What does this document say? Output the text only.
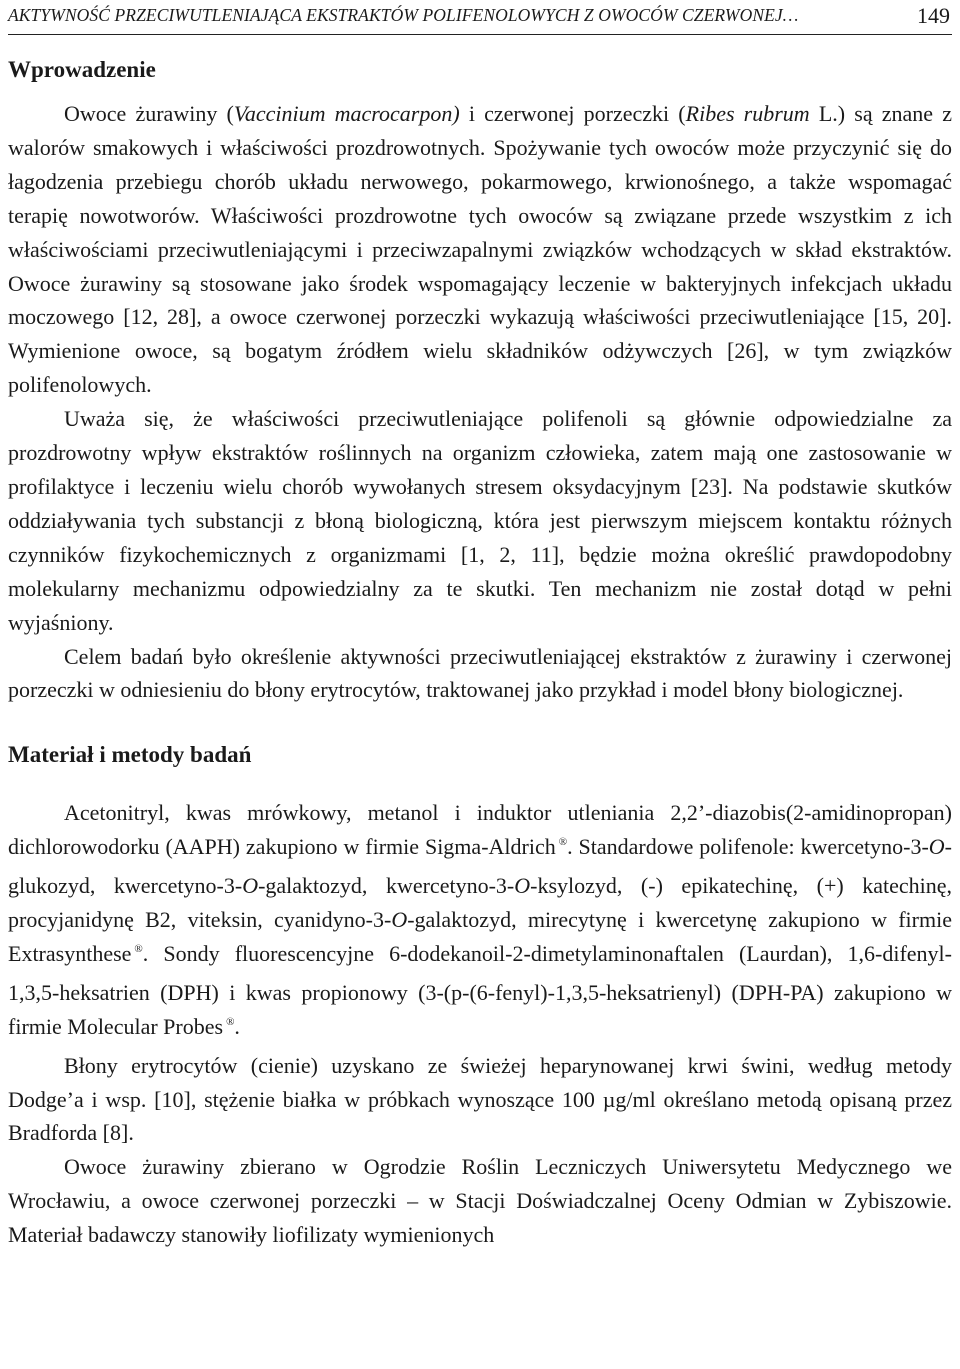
AKTYWNOŚĆ PRZECIWUTLENIAJĄCA EKSTRAKTÓW POLIFENOLOWYCH Z OWOCÓW CZERWONEJ…	149
Wprowadzenie

Owoce żurawiny (Vaccinium macrocarpon) i czerwonej porzeczki (Ribes rubrum L.) są znane z walorów smakowych i właściwości prozdrowotnych. Spożywanie tych owoców może przyczynić się do łagodzenia przebiegu chorób układu nerwowego, pokarmowego, krwionośnego, a także wspomagać terapię nowotworów. Właściwości prozdrowotne tych owoców są związane przede wszystkim z ich właściwościami przeciwutleniającymi i przeciwzapalnymi związków wchodzących w skład ekstraktów. Owoce żurawiny są stosowane jako środek wspomagający leczenie w bakteryjnych infekcjach układu moczowego [12, 28], a owoce czerwonej porzeczki wykazują właściwości przeciwutleniające [15, 20]. Wymienione owoce, są bogatym źródłem wielu składników odżywczych [26], w tym związków polifenolowych.

Uważa się, że właściwości przeciwutleniające polifenoli są głównie odpowiedzialne za prozdrowotny wpływ ekstraktów roślinnych na organizm człowieka, zatem mają one zastosowanie w profilaktyce i leczeniu wielu chorób wywołanych stresem oksydacyjnym [23]. Na podstawie skutków oddziaływania tych substancji z błoną biologiczną, która jest pierwszym miejscem kontaktu różnych czynników fizykochemicznych z organizmami [1, 2, 11], będzie można określić prawdopodobny molekularny mechanizmu odpowiedzialny za te skutki. Ten mechanizm nie został dotąd w pełni wyjaśniony.

Celem badań było określenie aktywności przeciwutleniającej ekstraktów z żurawiny i czerwonej porzeczki w odniesieniu do błony erytrocytów, traktowanej jako przykład i model błony biologicznej.

Materiał i metody badań

Acetonitryl, kwas mrówkowy, metanol i induktor utleniania 2,2’-diazobis(2-amidinopropan) dichlorowodorku (AAPH) zakupiono w firmie Sigma-Aldrich ®. Standardowe polifenole: kwercetyno-3-O-glukozyd, kwercetyno-3-O-galaktozyd, kwercetyno-3-O-ksylozyd, (-) epikatechinę, (+) katechinę, procyjanidynę B2, viteksin, cyanidyno-3-O-galaktozyd, mirecytynę i kwercetynę zakupiono w firmie Extrasynthese ®. Sondy fluorescencyjne 6-dodekanoil-2-dimetylaminonaftalen (Laurdan), 1,6-difenyl-1,3,5-heksatrien (DPH) i kwas propionowy (3-(p-(6-fenyl)-1,3,5-heksatrienyl) (DPH-PA) zakupiono w firmie Molecular Probes ®.

Błony erytrocytów (cienie) uzyskano ze świeżej heparynowanej krwi świni, według metody Dodge’a i wsp. [10], stężenie białka w próbkach wynoszące 100 µg/ml określano metodą opisaną przez Bradforda [8].

Owoce żurawiny zbierano w Ogrodzie Roślin Leczniczych Uniwersytetu Medycznego we Wrocławiu, a owoce czerwonej porzeczki – w Stacji Doświadczalnej Oceny Odmian w Zybiszowie. Materiał badawczy stanowiły liofilizaty wymienionych
